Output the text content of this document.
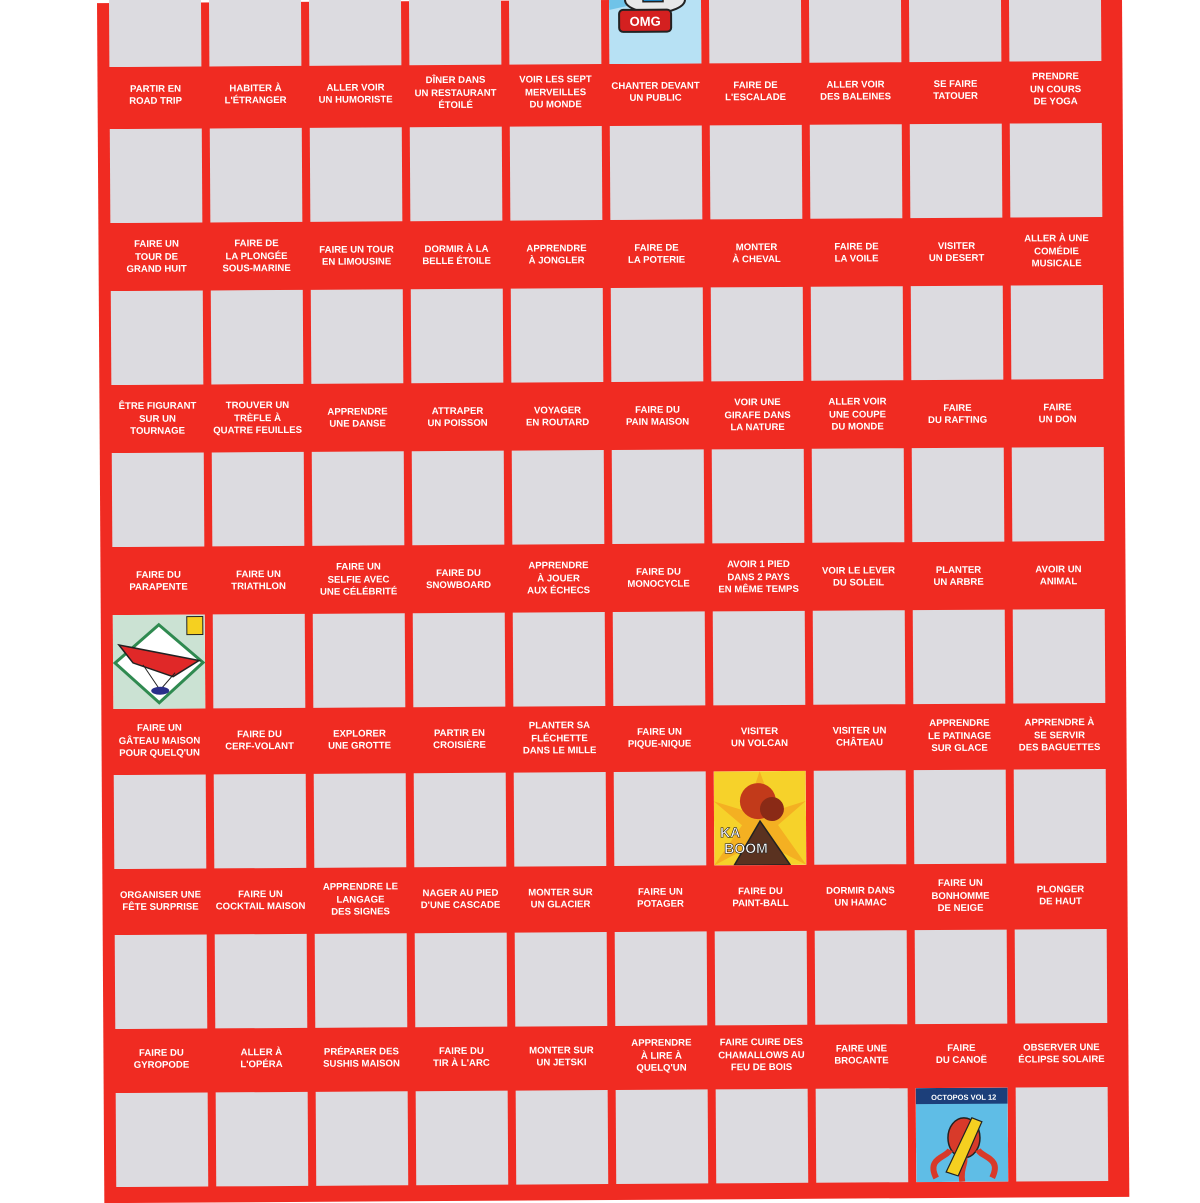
OMG
PARTIR EN
ROAD TRIP
HABITER À
L'ÉTRANGER
ALLER VOIR
UN HUMORISTE
DÎNER DANS
UN RESTAURANT
ÉTOILÉ
VOIR LES SEPT
MERVEILLES
DU MONDE
CHANTER DEVANT
UN PUBLIC
FAIRE DE
L'ESCALADE
ALLER VOIR
DES BALEINES
SE FAIRE
TATOUER
PRENDRE
UN COURS
DE YOGA
FAIRE UN
TOUR DE
GRAND HUIT
FAIRE DE
LA PLONGÉE
SOUS-MARINE
FAIRE UN TOUR
EN LIMOUSINE
DORMIR À LA
BELLE ÉTOILE
APPRENDRE
À JONGLER
FAIRE DE
LA POTERIE
MONTER
À CHEVAL
FAIRE DE
LA VOILE
VISITER
UN DESERT
ALLER À UNE
COMÉDIE
MUSICALE
ÊTRE FIGURANT
SUR UN
TOURNAGE
TROUVER UN
TRÈFLE À
QUATRE FEUILLES
APPRENDRE
UNE DANSE
ATTRAPER
UN POISSON
VOYAGER
EN ROUTARD
FAIRE DU
PAIN MAISON
VOIR UNE
GIRAFE DANS
LA NATURE
ALLER VOIR
UNE COUPE
DU MONDE
FAIRE
DU RAFTING
FAIRE
UN DON
FAIRE DU
PARAPENTE
FAIRE UN
TRIATHLON
FAIRE UN
SELFIE AVEC
UNE CÉLÉBRITÉ
FAIRE DU
SNOWBOARD
APPRENDRE
À JOUER
AUX ÉCHECS
FAIRE DU
MONOCYCLE
AVOIR 1 PIED
DANS 2 PAYS
EN MÊME TEMPS
VOIR LE LEVER
DU SOLEIL
PLANTER
UN ARBRE
AVOIR UN
ANIMAL
FAIRE UN
GÂTEAU MAISON
POUR QUELQ'UN
FAIRE DU
CERF-VOLANT
EXPLORER
UNE GROTTE
PARTIR EN
CROISIÈRE
PLANTER SA
FLÉCHETTE
DANS LE MILLE
FAIRE UN
PIQUE-NIQUE
VISITER
UN VOLCAN
KA
BOOM
VISITER UN
CHÂTEAU
APPRENDRE
LE PATINAGE
SUR GLACE
APPRENDRE À
SE SERVIR
DES BAGUETTES
ORGANISER UNE
FÊTE SURPRISE
FAIRE UN
COCKTAIL MAISON
APPRENDRE LE
LANGAGE
DES SIGNES
NAGER AU PIED
D'UNE CASCADE
MONTER SUR
UN GLACIER
FAIRE UN
POTAGER
FAIRE DU
PAINT-BALL
DORMIR DANS
UN HAMAC
FAIRE UN
BONHOMME
DE NEIGE
PLONGER
DE HAUT
FAIRE DU
GYROPODE
ALLER À
L'OPÉRA
PRÉPARER DES
SUSHIS MAISON
FAIRE DU
TIR À L'ARC
MONTER SUR
UN JETSKI
APPRENDRE
À LIRE À
QUELQ'UN
FAIRE CUIRE DES
CHAMALLOWS AU
FEU DE BOIS
FAIRE UNE
BROCANTE
FAIRE
DU CANOË
OCTOPOS VOL 12
OBSERVER UNE
ÉCLIPSE SOLAIRE
